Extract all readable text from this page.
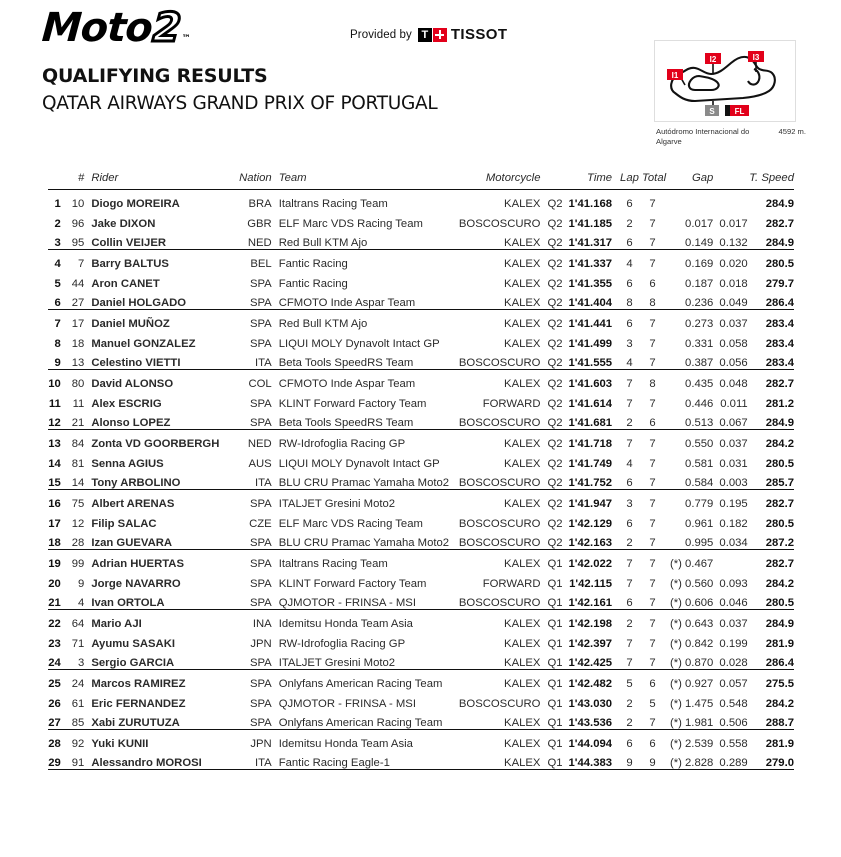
Moto
2 ™	Provided by T TISSOT
QUALIFYING RESULTS
QATAR AIRWAYS GRAND PRIX OF PORTUGAL
I1
I2	I3
S FL
Autódromo Internacional do Algarve
4592 m.
	#	Rider	Nation	Team	Motorcycle		Time	Lap Total		Gap		T. Speed
1	10	Diogo MOREIRA	BRA	Italtrans Racing Team	KALEX	Q2	1'41.168	6	7			284.9
2	96	Jake DIXON	GBR	ELF Marc VDS Racing Team	BOSCOSCURO	Q2	1'41.185	2	7	0.017	0.017	282.7
3	95	Collin VEIJER	NED	Red Bull KTM Ajo	KALEX	Q2	1'41.317	6	7	0.149	0.132	284.9
4	7	Barry BALTUS	BEL	Fantic Racing	KALEX	Q2	1'41.337	4	7	0.169	0.020	280.5
5	44	Aron CANET	SPA	Fantic Racing	KALEX	Q2	1'41.355	6	6	0.187	0.018	279.7
6	27	Daniel HOLGADO	SPA	CFMOTO Inde Aspar Team	KALEX	Q2	1'41.404	8	8	0.236	0.049	286.4
7	17	Daniel MUÑOZ	SPA	Red Bull KTM Ajo	KALEX	Q2	1'41.441	6	7	0.273	0.037	283.4
8	18	Manuel GONZALEZ	SPA	LIQUI MOLY Dynavolt Intact GP	KALEX	Q2	1'41.499	3	7	0.331	0.058	283.4
9	13	Celestino VIETTI	ITA	Beta Tools SpeedRS Team	BOSCOSCURO	Q2	1'41.555	4	7	0.387	0.056	283.4
10	80	David ALONSO	COL	CFMOTO Inde Aspar Team	KALEX	Q2	1'41.603	7	8	0.435	0.048	282.7
11	11	Alex ESCRIG	SPA	KLINT Forward Factory Team	FORWARD	Q2	1'41.614	7	7	0.446	0.011	281.2
12	21	Alonso LOPEZ	SPA	Beta Tools SpeedRS Team	BOSCOSCURO	Q2	1'41.681	2	6	0.513	0.067	284.9
13	84	Zonta VD GOORBERGH	NED	RW-Idrofoglia Racing GP	KALEX	Q2	1'41.718	7	7	0.550	0.037	284.2
14	81	Senna AGIUS	AUS	LIQUI MOLY Dynavolt Intact GP	KALEX	Q2	1'41.749	4	7	0.581	0.031	280.5
15	14	Tony ARBOLINO	ITA	BLU CRU Pramac Yamaha Moto2	BOSCOSCURO	Q2	1'41.752	6	7	0.584	0.003	285.7
16	75	Albert ARENAS	SPA	ITALJET Gresini Moto2	KALEX	Q2	1'41.947	3	7	0.779	0.195	282.7
17	12	Filip SALAC	CZE	ELF Marc VDS Racing Team	BOSCOSCURO	Q2	1'42.129	6	7	0.961	0.182	280.5
18	28	Izan GUEVARA	SPA	BLU CRU Pramac Yamaha Moto2	BOSCOSCURO	Q2	1'42.163	2	7	0.995	0.034	287.2
19	99	Adrian HUERTAS	SPA	Italtrans Racing Team	KALEX	Q1	1'42.022	7	7	(*) 0.467		282.7
20	9	Jorge NAVARRO	SPA	KLINT Forward Factory Team	FORWARD	Q1	1'42.115	7	7	(*) 0.560	0.093	284.2
21	4	Ivan ORTOLA	SPA	QJMOTOR - FRINSA - MSI	BOSCOSCURO	Q1	1'42.161	6	7	(*) 0.606	0.046	280.5
22	64	Mario AJI	INA	Idemitsu Honda Team Asia	KALEX	Q1	1'42.198	2	7	(*) 0.643	0.037	284.9
23	71	Ayumu SASAKI	JPN	RW-Idrofoglia Racing GP	KALEX	Q1	1'42.397	7	7	(*) 0.842	0.199	281.9
24	3	Sergio GARCIA	SPA	ITALJET Gresini Moto2	KALEX	Q1	1'42.425	7	7	(*) 0.870	0.028	286.4
25	24	Marcos RAMIREZ	SPA	Onlyfans American Racing Team	KALEX	Q1	1'42.482	5	6	(*) 0.927	0.057	275.5
26	61	Eric FERNANDEZ	SPA	QJMOTOR - FRINSA - MSI	BOSCOSCURO	Q1	1'43.030	2	5	(*) 1.475	0.548	284.2
27	85	Xabi ZURUTUZA	SPA	Onlyfans American Racing Team	KALEX	Q1	1'43.536	2	7	(*) 1.981	0.506	288.7
28	92	Yuki KUNII	JPN	Idemitsu Honda Team Asia	KALEX	Q1	1'44.094	6	6	(*) 2.539	0.558	281.9
29	91	Alessandro MOROSI	ITA	Fantic Racing Eagle-1	KALEX	Q1	1'44.383	9	9	(*) 2.828	0.289	279.0
